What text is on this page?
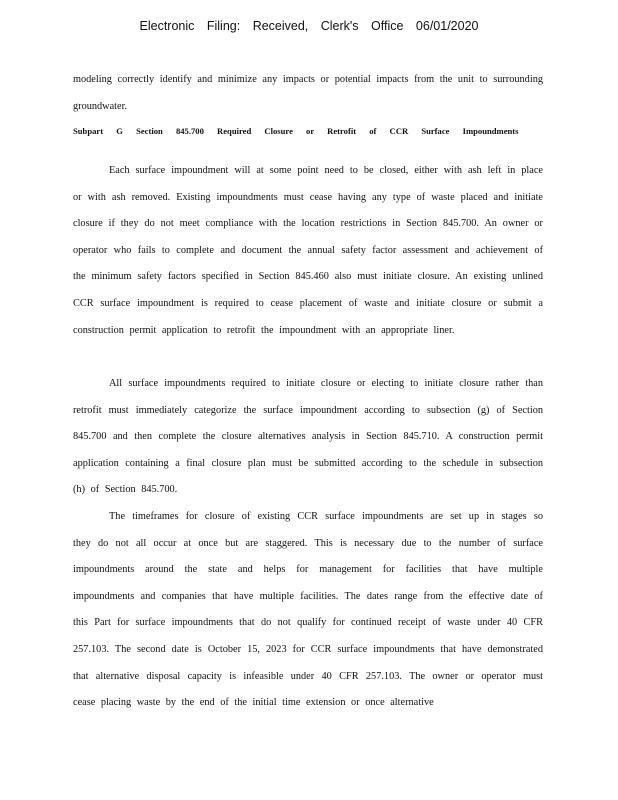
Electronic Filing: Received, Clerk's Office 06/01/2020
modeling correctly identify and minimize any impacts or potential impacts from the unit to surrounding groundwater.
Subpart G Section 845.700 Required Closure or Retrofit of CCR Surface Impoundments

Each surface impoundment will at some point need to be closed, either with ash left in place or with ash removed. Existing impoundments must cease having any type of waste placed and initiate closure if they do not meet compliance with the location restrictions in Section 845.700. An owner or operator who fails to complete and document the annual safety factor assessment and achievement of the minimum safety factors specified in Section 845.460 also must initiate closure. An existing unlined CCR surface impoundment is required to cease placement of waste and initiate closure or submit a construction permit application to retrofit the impoundment with an appropriate liner.

All surface impoundments required to initiate closure or electing to initiate closure rather than retrofit must immediately categorize the surface impoundment according to subsection (g) of Section 845.700 and then complete the closure alternatives analysis in Section 845.710. A construction permit application containing a final closure plan must be submitted according to the schedule in subsection (h) of Section 845.700.

The timeframes for closure of existing CCR surface impoundments are set up in stages so they do not all occur at once but are staggered. This is necessary due to the number of surface impoundments around the state and helps for management for facilities that have multiple impoundments and companies that have multiple facilities. The dates range from the effective date of this Part for surface impoundments that do not qualify for continued receipt of waste under 40 CFR 257.103. The second date is October 15, 2023 for CCR surface impoundments that have demonstrated that alternative disposal capacity is infeasible under 40 CFR 257.103. The owner or operator must cease placing waste by the end of the initial time extension or once alternative
